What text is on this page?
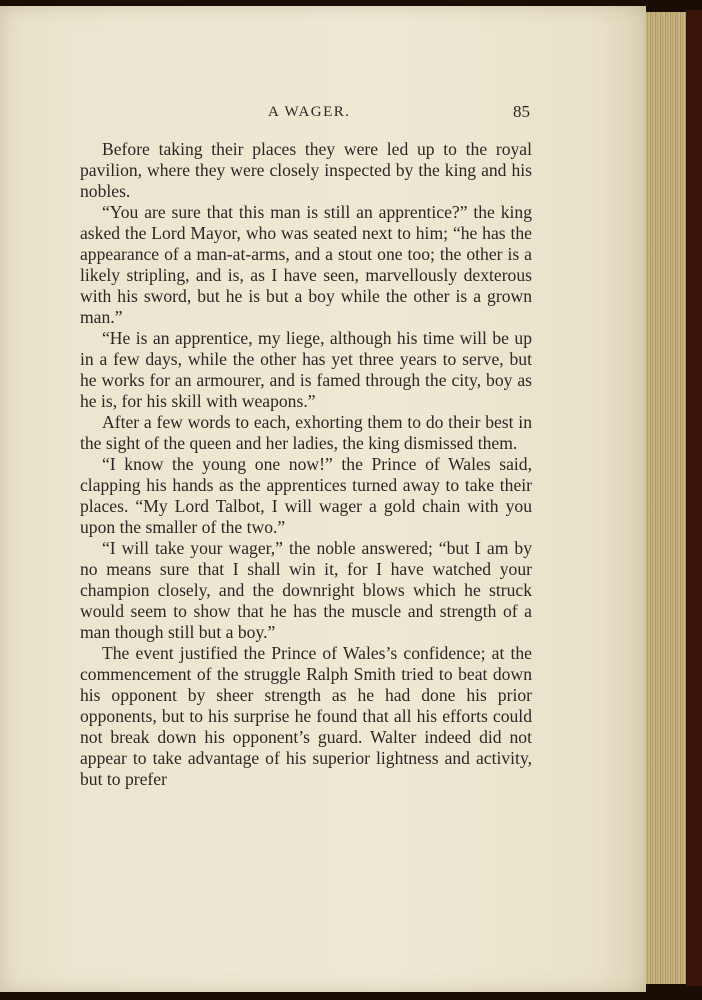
A WAGER.	85

Before taking their places they were led up to the royal pavilion, where they were closely inspected by the king and his nobles.

“You are sure that this man is still an apprentice?” the king asked the Lord Mayor, who was seated next to him; “he has the appearance of a man-at-arms, and a stout one too; the other is a likely stripling, and is, as I have seen, marvellously dexterous with his sword, but he is but a boy while the other is a grown man.”

“He is an apprentice, my liege, although his time will be up in a few days, while the other has yet three years to serve, but he works for an armourer, and is famed through the city, boy as he is, for his skill with weapons.”

After a few words to each, exhorting them to do their best in the sight of the queen and her ladies, the king dismissed them.

“I know the young one now!” the Prince of Wales said, clapping his hands as the apprentices turned away to take their places. “My Lord Talbot, I will wager a gold chain with you upon the smaller of the two.”

“I will take your wager,” the noble answered; “but I am by no means sure that I shall win it, for I have watched your champion closely, and the downright blows which he struck would seem to show that he has the muscle and strength of a man though still but a boy.”

The event justified the Prince of Wales’s confidence; at the commencement of the struggle Ralph Smith tried to beat down his opponent by sheer strength as he had done his prior opponents, but to his surprise he found that all his efforts could not break down his opponent’s guard. Walter indeed did not appear to take advantage of his superior lightness and activity, but to prefer
